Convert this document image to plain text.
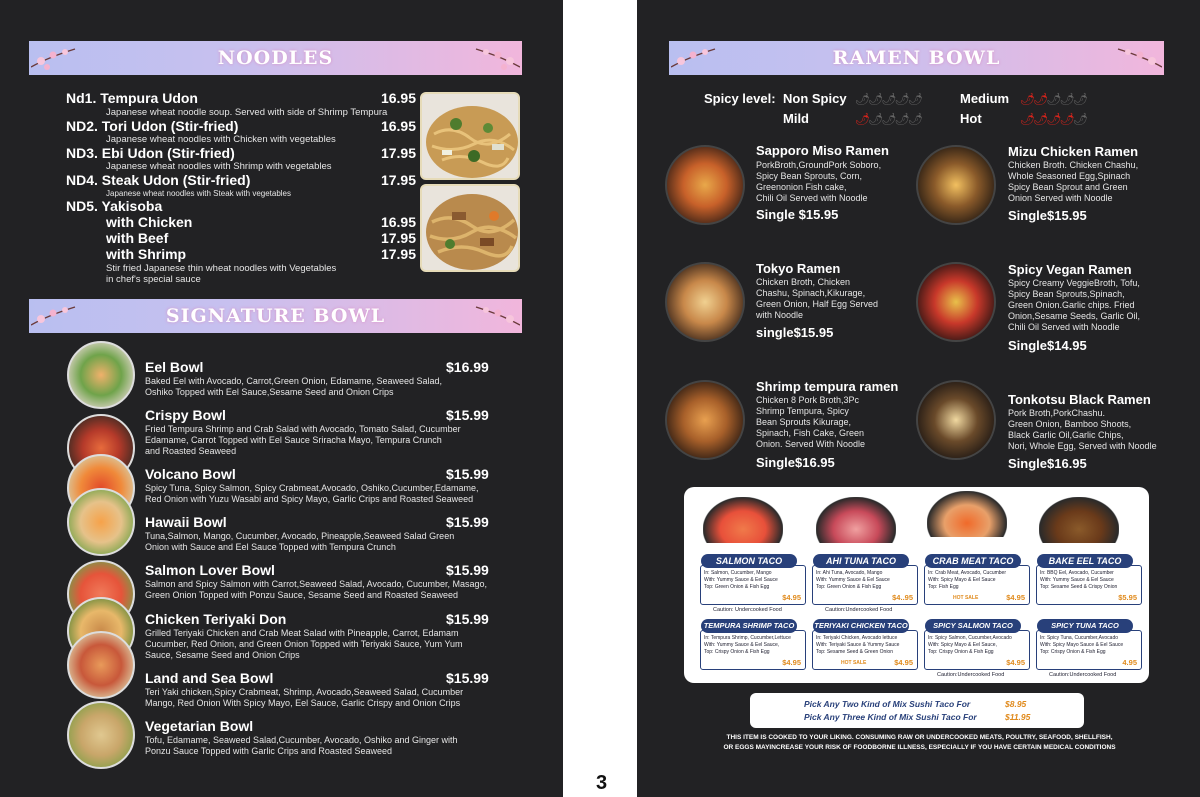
NOODLES
Nd1. Tempura Udon	16.95
Japanese wheat noodle soup. Served with side of Shrimp Tempura
ND2. Tori Udon (Stir-fried)	16.95
Japanese wheat noodles with Chicken with vegetables
ND3. Ebi Udon (Stir-fried)	17.95
Japanese wheat noodles with Shrimp with vegetables
ND4. Steak Udon (Stir-fried)	17.95
Japanese wheat noodles with Steak with vegetables
ND5. Yakisoba
with Chicken	16.95
with Beef	17.95
with Shrimp	17.95
Stir fried Japanese thin wheat noodles with Vegetables
in chef's special sauce
SIGNATURE BOWL
Eel Bowl	$16.99
Baked Eel with Avocado, Carrot,Green Onion, Edamame, Seaweed Salad,
Oshiko Topped with Eel Sauce,Sesame Seed and Onion Crips
Crispy Bowl	$15.99
Fried Tempura Shrimp and Crab Salad with Avocado, Tomato Salad, Cucumber
Edamame, Carrot Topped with Eel Sauce Sriracha Mayo, Tempura Crunch
and Roasted Seaweed
Volcano Bowl	$15.99
Spicy Tuna, Spicy Salmon, Spicy Crabmeat,Avocado, Oshiko,Cucumber,Edamame,
Red Onion with Yuzu Wasabi and Spicy Mayo, Garlic Crips and Roasted Seaweed
Hawaii Bowl	$15.99
Tuna,Salmon, Mango, Cucumber, Avocado, Pineapple,Seaweed Salad Green
Onion with Sauce and Eel Sauce Topped with Tempura Crunch
Salmon Lover Bowl	$15.99
Salmon and Spicy Salmon with Carrot,Seaweed Salad, Avocado, Cucumber, Masago,
Green Onion Topped with Ponzu Sauce, Sesame Seed and Roasted Seaweed
Chicken Teriyaki Don	$15.99
Grilled Teriyaki Chicken and Crab Meat Salad with Pineapple, Carrot, Edamam
Cucumber, Red Onion, and Green Onion Topped with Teriyaki Sauce, Yum Yum
Sauce, Sesame Seed and Onion Crips
Land and Sea Bowl	$15.99
Teri Yaki chicken,Spicy Crabmeat, Shrimp, Avocado,Seaweed Salad, Cucumber
Mango, Red Onion With Spicy Mayo, Eel Sauce, Garlic Crispy and Onion Crips
Vegetarian Bowl
Tofu, Edamame, Seaweed Salad,Cucumber, Avocado, Oshiko and Ginger with
Ponzu Sauce Topped with Garlic Crips and Roasted Seaweed
3
RAMEN BOWL
Spicy level: Non Spicy 🌶🌶🌶🌶🌶
Mild	🌶🌶🌶🌶🌶
Medium 🌶🌶🌶🌶🌶
Hot	🌶🌶🌶🌶🌶
Sapporo Miso Ramen
PorkBroth,GroundPork Soboro,
Spicy Bean Sprouts, Corn,
Greenonion Fish cake,
Chili Oil Served with Noodle
Single $15.95
Mizu Chicken Ramen
Chicken Broth. Chicken Chashu,
Whole Seasoned Egg,Spinach
Spicy Bean Sprout and Green
Onion Served with Noodle
Single$15.95
Tokyo Ramen
Chicken Broth, Chicken
Chashu, Spinach,Kikurage,
Green Onion, Half Egg Served
with Noodle
single$15.95
Spicy Vegan Ramen
Spicy Creamy VeggieBroth, Tofu,
Spicy Bean Sprouts,Spinach,
Green Onion.Garlic chips. Fried
Onion,Sesame Seeds, Garlic Oil,
Chili Oil Served with Noodle
Single$14.95
Shrimp tempura ramen
Chicken 8 Pork Broth,3Pc
Shrimp Tempura, Spicy
Bean Sprouts Kikurage,
Spinach, Fish Cake, Green
Onion. Served With Noodle
Single$16.95
Tonkotsu Black Ramen
Pork Broth,PorkChashu.
Green Onion, Bamboo Shoots,
Black Garlic Oil,Garlic Chips,
Nori, Whole Egg, Served with Noodle
Single$16.95
SALMON TACO	AHI TUNA TACO	CRAB MEAT TACO	BAKE EEL TACO
In: Salmon, Cucumber, Mango
With: Yummy Sauce & Eel Sauce
Top: Green Onion & Fish Egg
$4.95
In: Ahi Tuna, Avocado, Mango
With: Yummy Sauce & Eel Sauce
Top: Green Onion & Fish Egg
$4..95
In: Crab Meat, Avocado, Cucumber
With: Spicy Mayo & Eel Sauce
Top: Fish Egg
HOT SALE	$4.95
In: BBQ Eel, Avocado, Cucumber
With: Yummy Sauce & Eel Sauce
Top: Sesame Seed & Crispy Onion
$5.95
Caution: Undercooked Food	Caution:Undercooked Food
TEMPURA SHRIMP TACO	TERIYAKI CHICKEN TACO	SPICY SALMON TACO	SPICY TUNA TACO
In: Tempura Shrimp, Cucumber,Lettuce
With: Yummy Sauce & Eel Sauce,
Top: Crispy Onion & Fish Egg
$4.95
In: Teriyaki Chicken, Avocado lettuce
With: Teriyaki Sauce & Yummy Sauce
Top: Sesame Seed & Green Onion
HOT SALE	$4.95
In: Spicy Salmon, Cucumber,Avocado
With: Spicy Mayo & Eel Sauce,
Top: Crispy Onion & Fish Egg
$4.95
In: Spicy Tuna, Cucumber,Avocado
With: Spicy Mayo Sauce & Eel Sauce
Top: Crispy Onion & Fish Egg
4.95
Caution:Undercooked Food	Caution:Undercooked Food
Pick Any Two Kind of Mix Sushi Taco For	$8.95
Pick Any Three Kind of Mix Sushi Taco For	$11.95
THIS ITEM IS COOKED TO YOUR LIKING. CONSUMING RAW OR UNDERCOOKED MEATS, POULTRY, SEAFOOD, SHELLFISH,
OR EGGS MAYINCREASE YOUR RISK OF FOODBORNE ILLNESS, ESPECIALLY IF YOU HAVE CERTAIN MEDICAL CONDITIONS
